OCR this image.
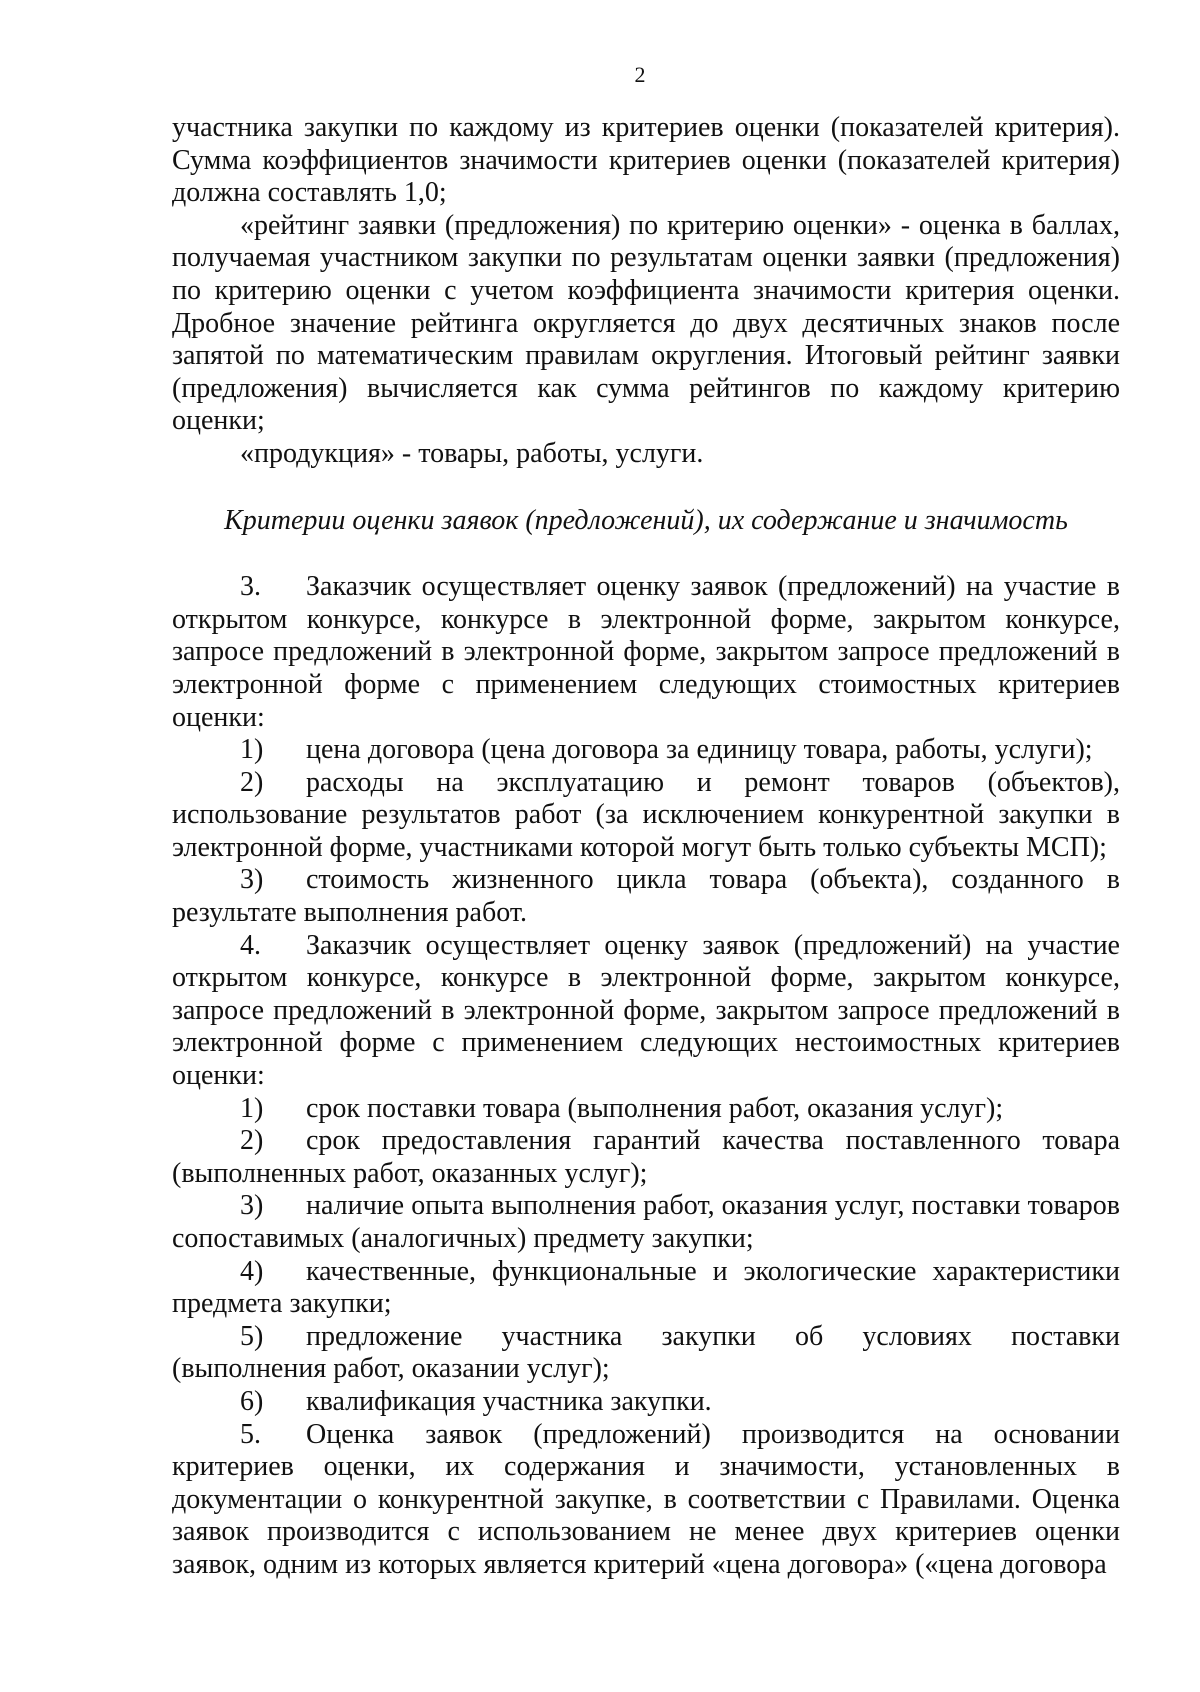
2

участника закупки по каждому из критериев оценки (показателей критерия). Сумма коэффициентов значимости критериев оценки (показателей критерия) должна составлять 1,0;

«рейтинг заявки (предложения) по критерию оценки» - оценка в баллах, получаемая участником закупки по результатам оценки заявки (предложения) по критерию оценки с учетом коэффициента значимости критерия оценки. Дробное значение рейтинга округляется до двух десятичных знаков после запятой по математическим правилам округления. Итоговый рейтинг заявки (предложения) вычисляется как сумма рейтингов по каждому критерию оценки;

«продукция» - товары, работы, услуги.

Критерии оценки заявок (предложений), их содержание и значимость

3. Заказчик осуществляет оценку заявок (предложений) на участие в открытом конкурсе, конкурсе в электронной форме, закрытом конкурсе, запросе предложений в электронной форме, закрытом запросе предложений в электронной форме с применением следующих стоимостных критериев оценки:

1) цена договора (цена договора за единицу товара, работы, услуги);

2) расходы на эксплуатацию и ремонт товаров (объектов), использование результатов работ (за исключением конкурентной закупки в электронной форме, участниками которой могут быть только субъекты МСП);

3) стоимость жизненного цикла товара (объекта), созданного в результате выполнения работ.

4. Заказчик осуществляет оценку заявок (предложений) на участие открытом конкурсе, конкурсе в электронной форме, закрытом конкурсе, запросе предложений в электронной форме, закрытом запросе предложений в электронной форме с применением следующих нестоимостных критериев оценки:

1) срок поставки товара (выполнения работ, оказания услуг);

2) срок предоставления гарантий качества поставленного товара (выполненных работ, оказанных услуг);

3) наличие опыта выполнения работ, оказания услуг, поставки товаров сопоставимых (аналогичных) предмету закупки;

4) качественные, функциональные и экологические характеристики предмета закупки;

5) предложение участника закупки об условиях поставки (выполнения работ, оказании услуг);

6) квалификация участника закупки.

5. Оценка заявок (предложений) производится на основании критериев оценки, их содержания и значимости, установленных в документации о конкурентной закупке, в соответствии с Правилами. Оценка заявок производится с использованием не менее двух критериев оценки заявок, одним из которых является критерий «цена договора» («цена договора
